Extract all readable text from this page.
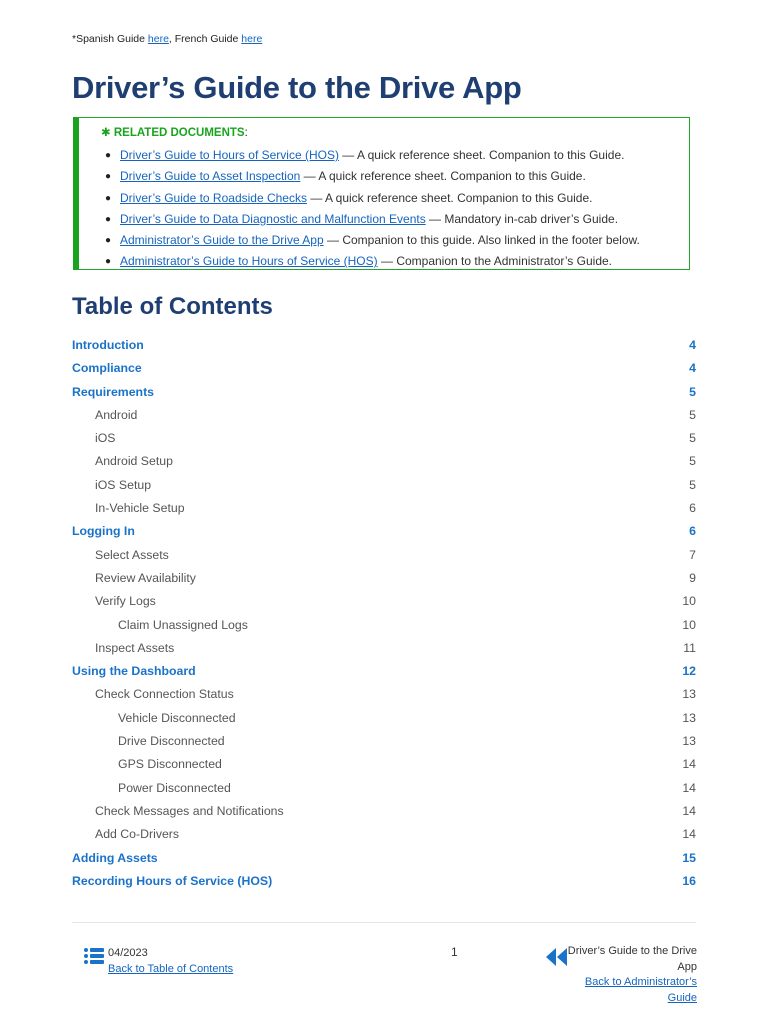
*Spanish Guide here, French Guide here
Driver’s Guide to the Drive App
✱ RELATED DOCUMENTS:
● Driver’s Guide to Hours of Service (HOS) — A quick reference sheet. Companion to this Guide.
● Driver’s Guide to Asset Inspection — A quick reference sheet. Companion to this Guide.
● Driver’s Guide to Roadside Checks — A quick reference sheet. Companion to this Guide.
● Driver’s Guide to Data Diagnostic and Malfunction Events — Mandatory in-cab driver’s Guide.
● Administrator’s Guide to the Drive App — Companion to this guide. Also linked in the footer below.
● Administrator’s Guide to Hours of Service (HOS) — Companion to the Administrator’s Guide.
Table of Contents
Introduction	4
Compliance	4
Requirements	5
Android	5
iOS	5
Android Setup	5
iOS Setup	5
In-Vehicle Setup	6
Logging In	6
Select Assets	7
Review Availability	9
Verify Logs	10
Claim Unassigned Logs	10
Inspect Assets	11
Using the Dashboard	12
Check Connection Status	13
Vehicle Disconnected	13
Drive Disconnected	13
GPS Disconnected	14
Power Disconnected	14
Check Messages and Notifications	14
Add Co-Drivers	14
Adding Assets	15
Recording Hours of Service (HOS)	16
04/2023
Back to Table of Contents
1	Driver’s Guide to the Drive App
Back to Administrator’s Guide
